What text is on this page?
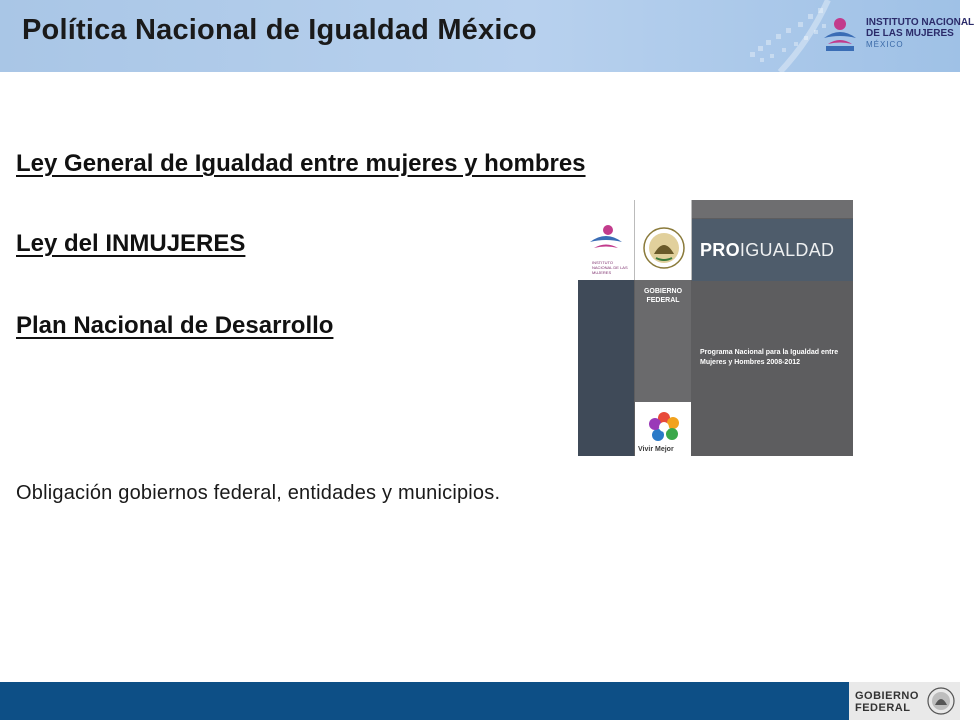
Política Nacional de Igualdad México	INSTITUTO NACIONAL
DE LAS MUJERES
MÉXICO
Ley General de Igualdad entre mujeres y hombres
Ley del INMUJERES
Plan Nacional de Desarrollo
Obligación gobiernos federal, entidades y municipios.
INSTITUTO NACIONAL DE LAS MUJERES
GOBIERNO FEDERAL
PROIGUALDAD
Programa Nacional para la Igualdad entre Mujeres y Hombres 2008-2012
Vivir Mejor
GOBIERNO
FEDERAL
